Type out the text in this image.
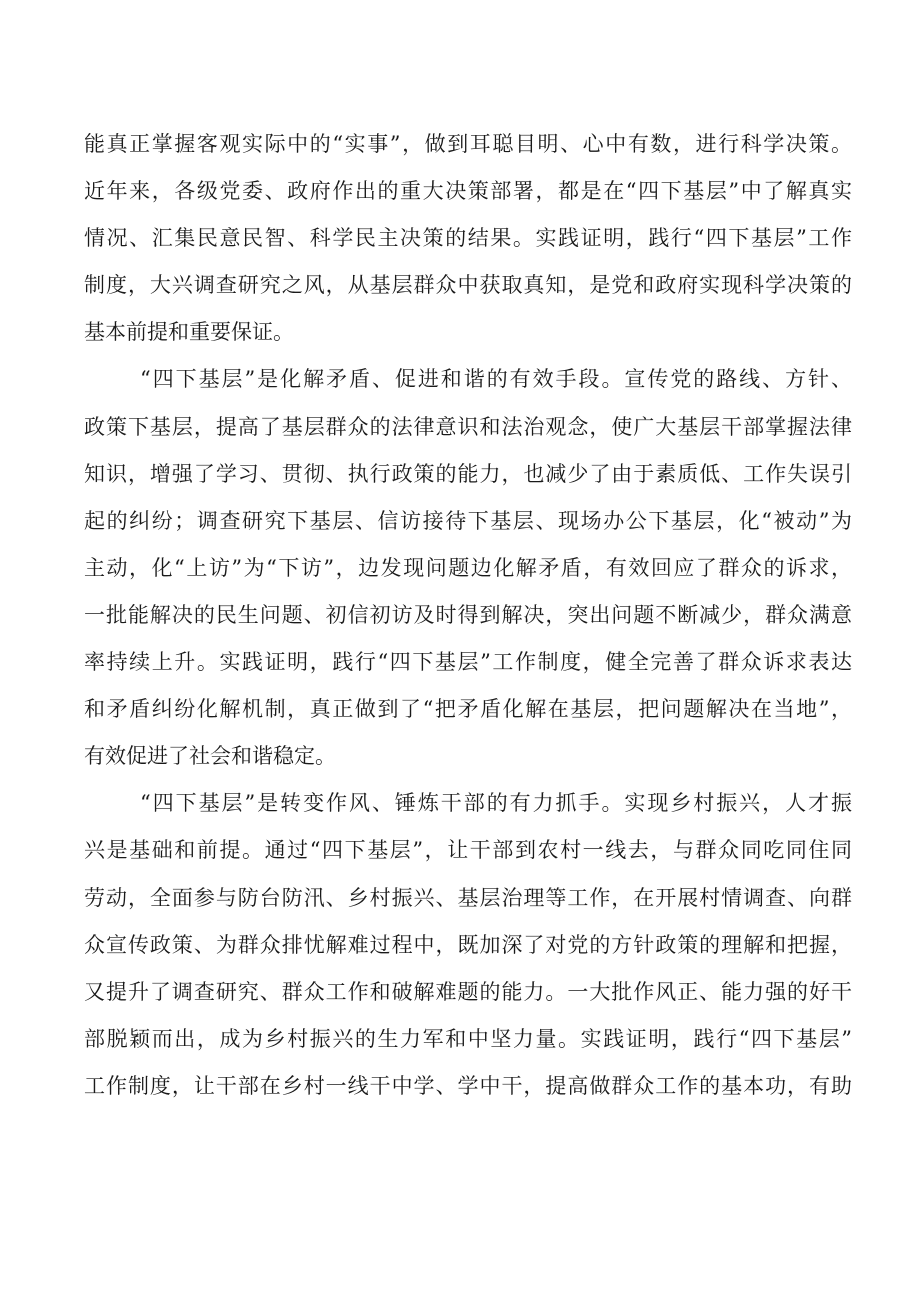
能真正掌握客观实际中的“实事”，做到耳聪目明、心中有数，进行科学决策。
近年来，各级党委、政府作出的重大决策部署，都是在“四下基层”中了解真实
情况、汇集民意民智、科学民主决策的结果。实践证明，践行“四下基层”工作
制度，大兴调查研究之风，从基层群众中获取真知，是党和政府实现科学决策的
基本前提和重要保证。
“四下基层”是化解矛盾、促进和谐的有效手段。宣传党的路线、方针、
政策下基层，提高了基层群众的法律意识和法治观念，使广大基层干部掌握法律
知识，增强了学习、贯彻、执行政策的能力，也减少了由于素质低、工作失误引
起的纠纷；调查研究下基层、信访接待下基层、现场办公下基层，化“被动”为
主动，化“上访”为“下访”，边发现问题边化解矛盾，有效回应了群众的诉求，
一批能解决的民生问题、初信初访及时得到解决，突出问题不断减少，群众满意
率持续上升。实践证明，践行“四下基层”工作制度，健全完善了群众诉求表达
和矛盾纠纷化解机制，真正做到了“把矛盾化解在基层，把问题解决在当地”，
有效促进了社会和谐稳定。
“四下基层”是转变作风、锤炼干部的有力抓手。实现乡村振兴，人才振
兴是基础和前提。通过“四下基层”，让干部到农村一线去，与群众同吃同住同
劳动，全面参与防台防汛、乡村振兴、基层治理等工作，在开展村情调查、向群
众宣传政策、为群众排忧解难过程中，既加深了对党的方针政策的理解和把握，
又提升了调查研究、群众工作和破解难题的能力。一大批作风正、能力强的好干
部脱颖而出，成为乡村振兴的生力军和中坚力量。实践证明，践行“四下基层”
工作制度，让干部在乡村一线干中学、学中干，提高做群众工作的基本功，有助
